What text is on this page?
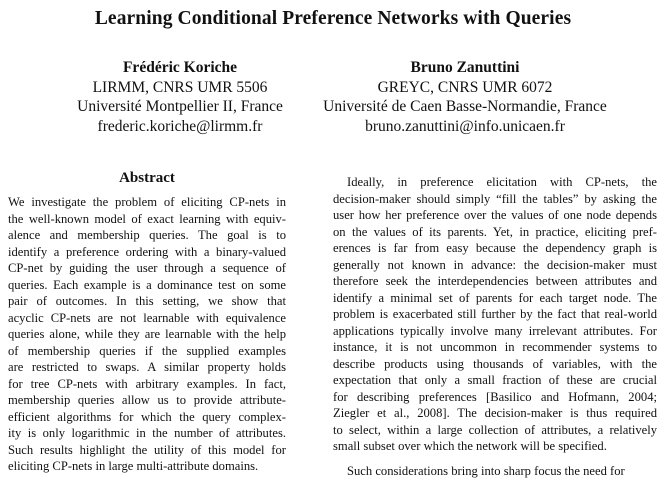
Learning Conditional Preference Networks with Queries
Frédéric Koriche
LIRMM, CNRS UMR 5506
Université Montpellier II, France
frederic.koriche@lirmm.fr
Bruno Zanuttini
GREYC, CNRS UMR 6072
Université de Caen Basse-Normandie, France
bruno.zanuttini@info.unicaen.fr
Abstract
We investigate the problem of eliciting CP-nets in
the well-known model of exact learning with equiv-
alence and membership queries. The goal is to
identify a preference ordering with a binary-valued
CP-net by guiding the user through a sequence of
queries. Each example is a dominance test on some
pair of outcomes. In this setting, we show that
acyclic CP-nets are not learnable with equivalence
queries alone, while they are learnable with the help
of membership queries if the supplied examples
are restricted to swaps. A similar property holds
for tree CP-nets with arbitrary examples. In fact,
membership queries allow us to provide attribute-
efficient algorithms for which the query complex-
ity is only logarithmic in the number of attributes.
Such results highlight the utility of this model for
eliciting CP-nets in large multi-attribute domains.
Ideally, in preference elicitation with CP-nets, the
decision-maker should simply “fill the tables” by asking the
user how her preference over the values of one node depends
on the values of its parents. Yet, in practice, eliciting pref-
erences is far from easy because the dependency graph is
generally not known in advance: the decision-maker must
therefore seek the interdependencies between attributes and
identify a minimal set of parents for each target node. The
problem is exacerbated still further by the fact that real-world
applications typically involve many irrelevant attributes. For
instance, it is not uncommon in recommender systems to
describe products using thousands of variables, with the
expectation that only a small fraction of these are crucial
for describing preferences [Basilico and Hofmann, 2004;
Ziegler et al., 2008]. The decision-maker is thus required
to select, within a large collection of attributes, a relatively
small subset over which the network will be specified.
Such considerations bring into sharp focus the need for
